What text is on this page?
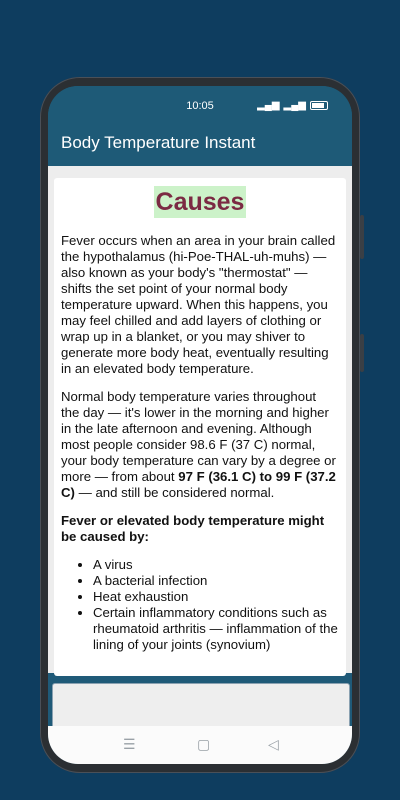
10:05	▂▄▆ ▂▄▆
Body Temperature Instant
Causes

Fever occurs when an area in your brain called the hypothalamus (hi-Poe-THAL-uh-muhs) — also known as your body's "thermostat" — shifts the set point of your normal body temperature upward. When this happens, you may feel chilled and add layers of clothing or wrap up in a blanket, or you may shiver to generate more body heat, eventually resulting in an elevated body temperature.

Normal body temperature varies throughout the day — it's lower in the morning and higher in the late afternoon and evening. Although most people consider 98.6 F (37 C) normal, your body temperature can vary by a degree or more — from about 97 F (36.1 C) to 99 F (37.2 C) — and still be considered normal.

Fever or elevated body temperature might be caused by:

• A virus
• A bacterial infection
• Heat exhaustion
• Certain inflammatory conditions such as rheumatoid arthritis — inflammation of the lining of your joints (synovium)
☰	▢	◁
